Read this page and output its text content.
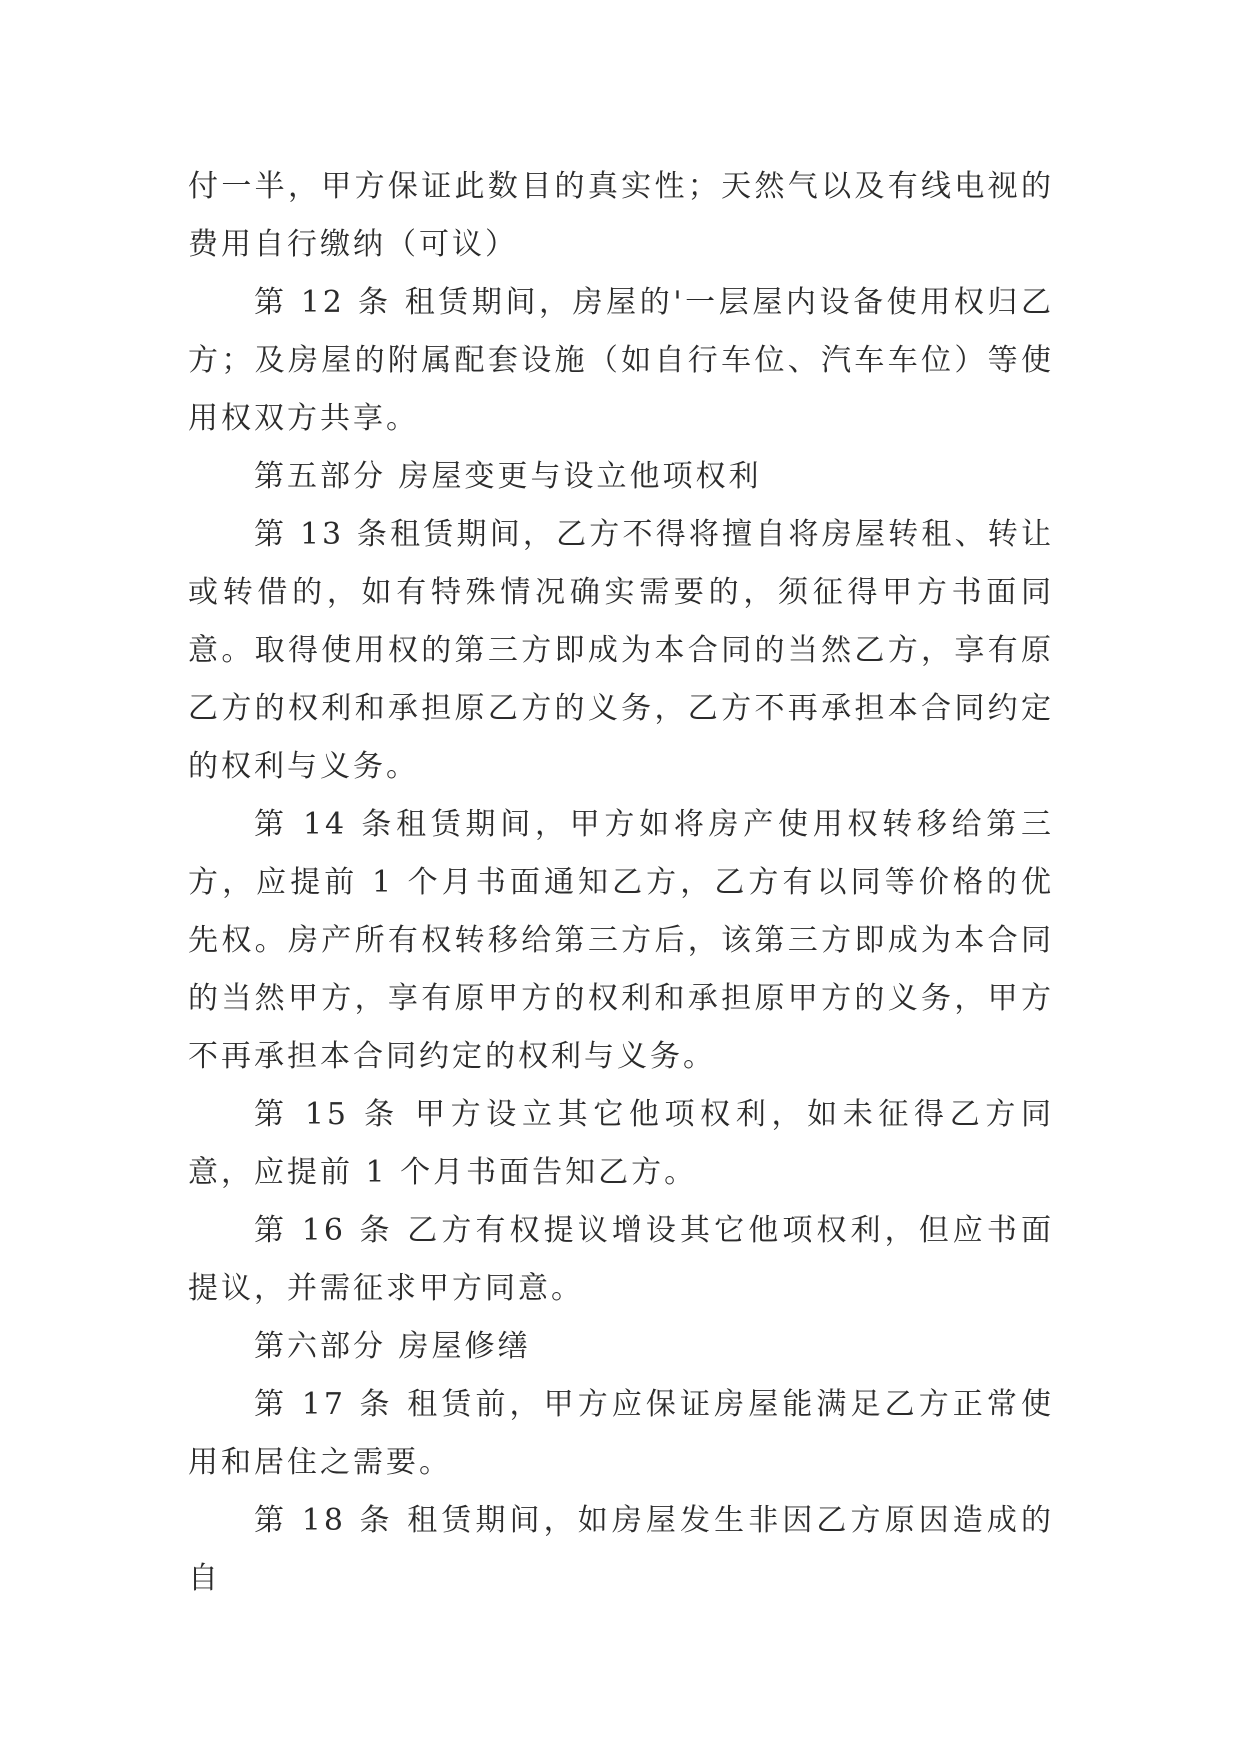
付一半，甲方保证此数目的真实性；天然气以及有线电视的费用自行缴纳（可议）

第 12 条 租赁期间，房屋的'一层屋内设备使用权归乙方；及房屋的附属配套设施（如自行车位、汽车车位）等使用权双方共享。

第五部分 房屋变更与设立他项权利

第 13 条租赁期间，乙方不得将擅自将房屋转租、转让或转借的，如有特殊情况确实需要的，须征得甲方书面同意。取得使用权的第三方即成为本合同的当然乙方，享有原乙方的权利和承担原乙方的义务，乙方不再承担本合同约定的权利与义务。

第 14 条租赁期间，甲方如将房产使用权转移给第三方，应提前 1 个月书面通知乙方，乙方有以同等价格的优先权。房产所有权转移给第三方后，该第三方即成为本合同的当然甲方，享有原甲方的权利和承担原甲方的义务，甲方不再承担本合同约定的权利与义务。

第 15 条 甲方设立其它他项权利，如未征得乙方同意，应提前 1 个月书面告知乙方。

第 16 条 乙方有权提议增设其它他项权利，但应书面提议，并需征求甲方同意。

第六部分 房屋修缮

第 17 条 租赁前，甲方应保证房屋能满足乙方正常使用和居住之需要。

第 18 条 租赁期间，如房屋发生非因乙方原因造成的自
